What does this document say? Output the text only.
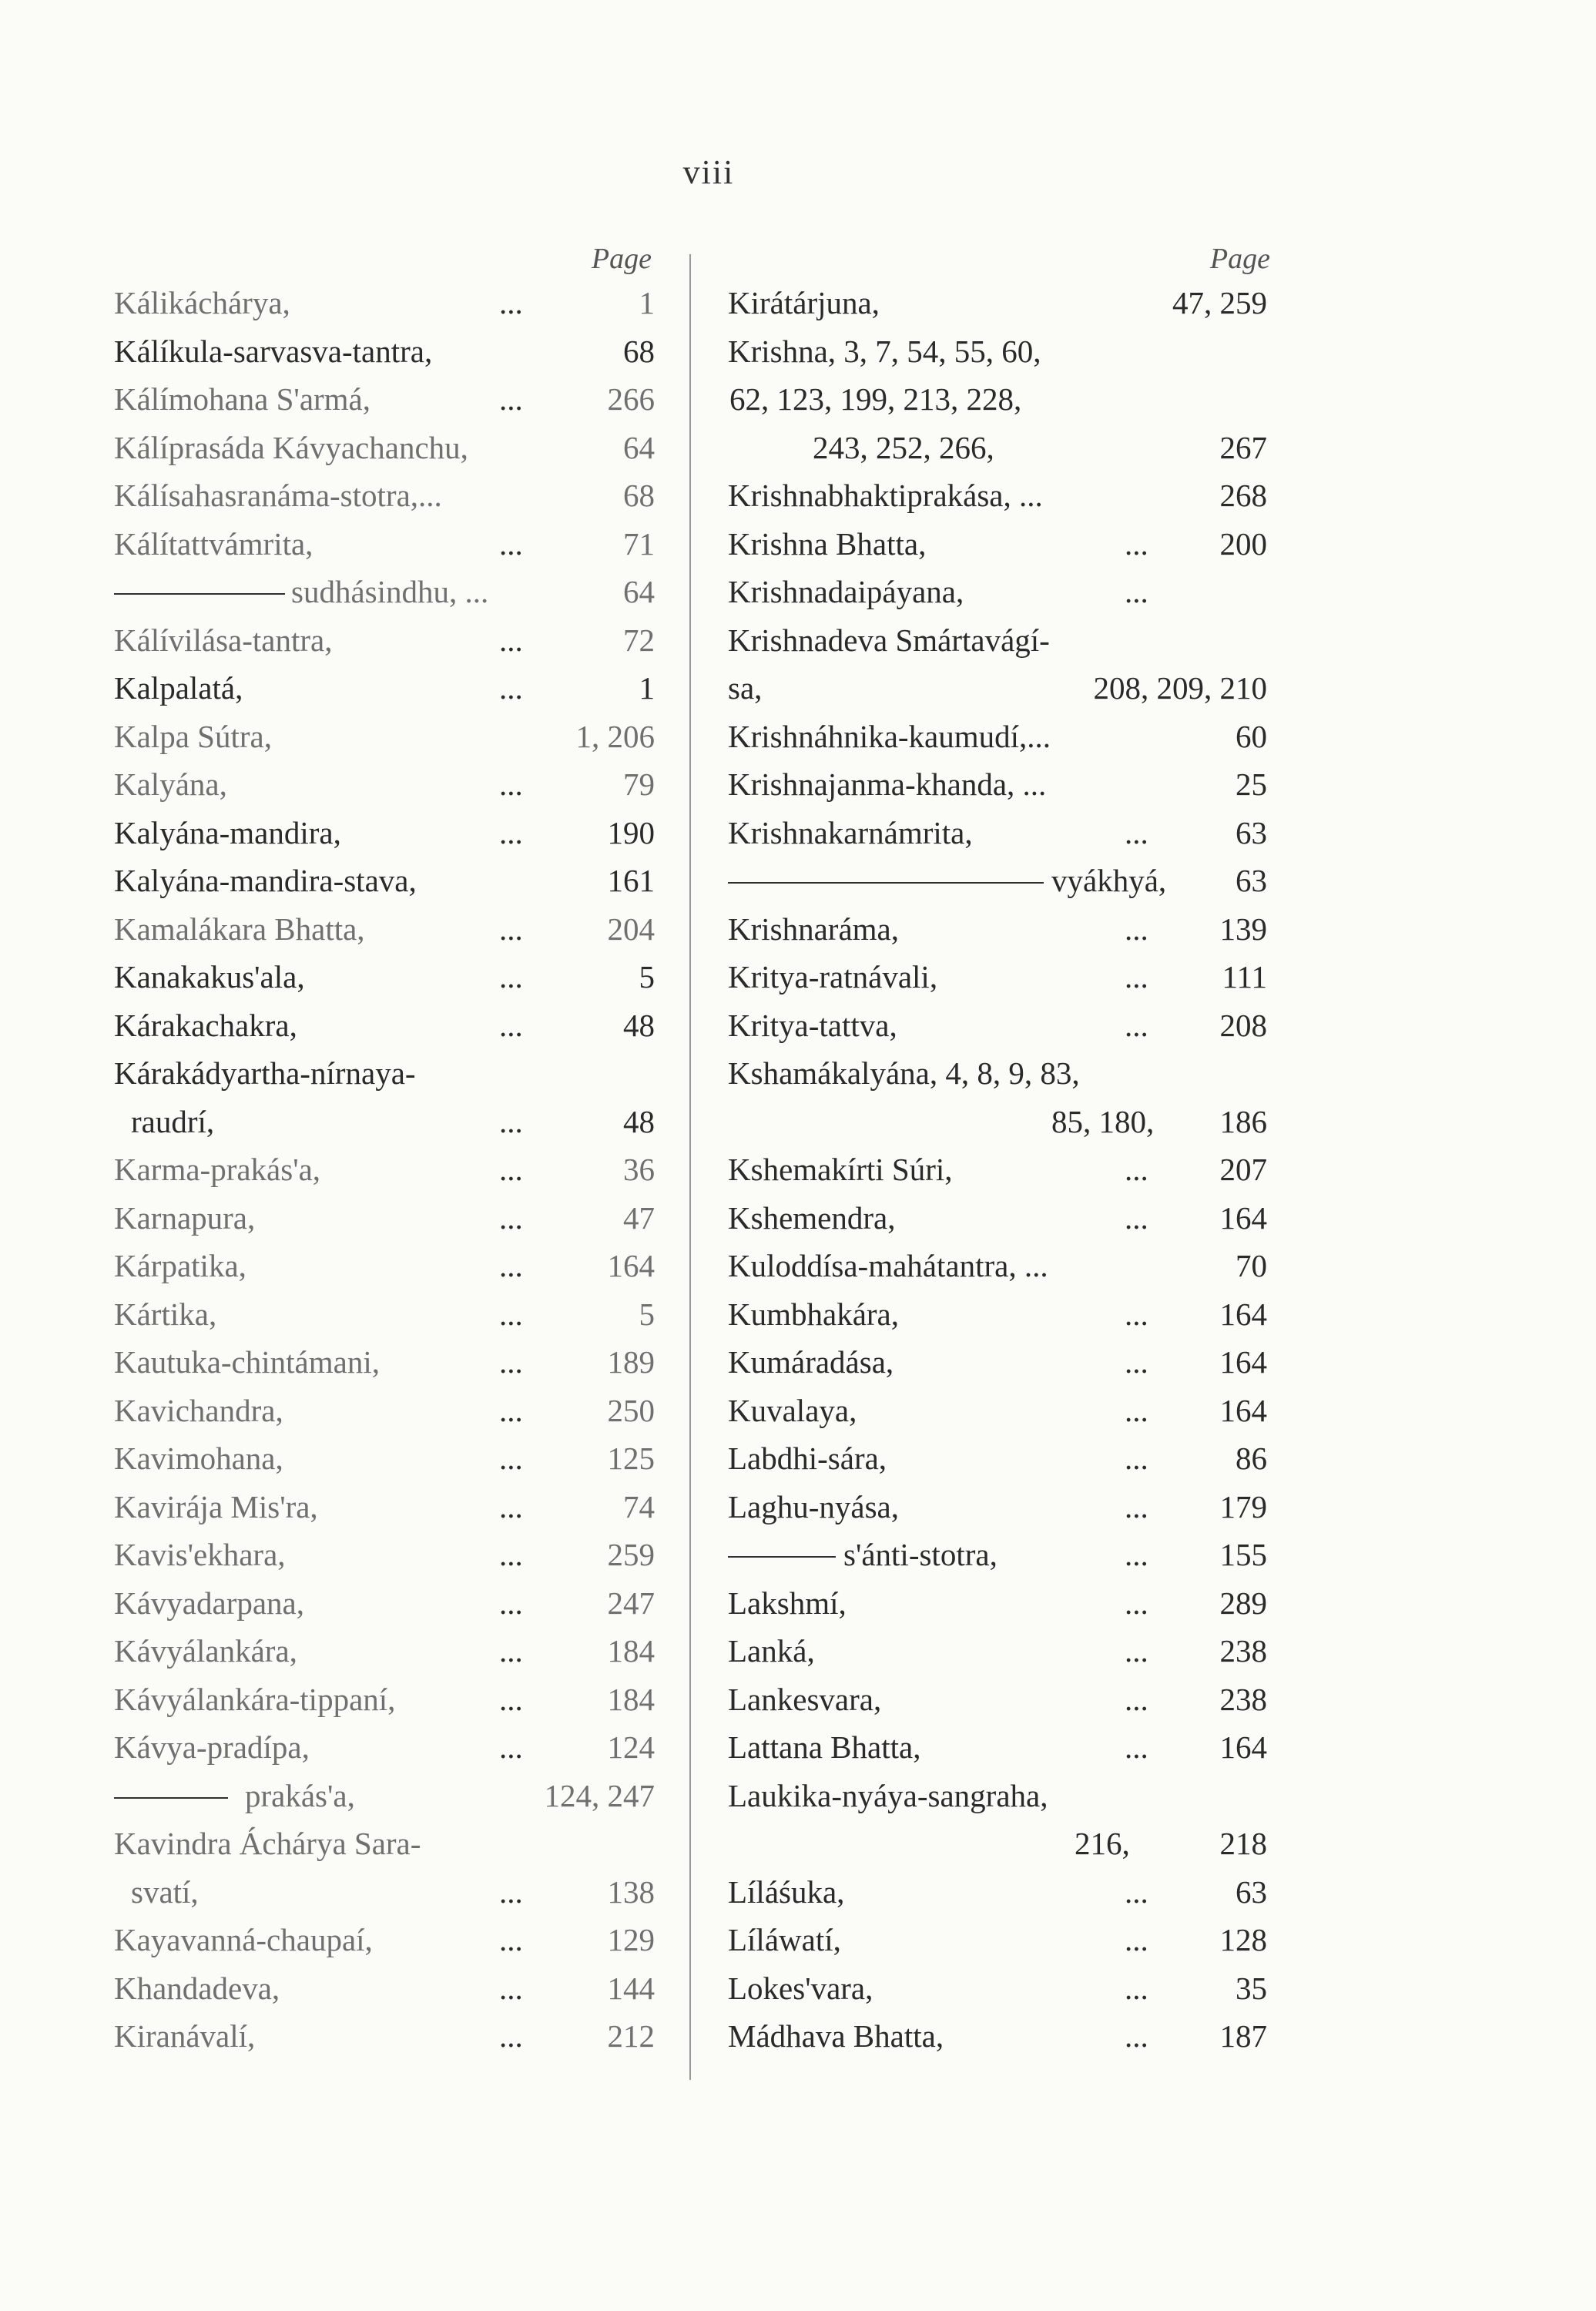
viii
Page
Kálikáchárya,	...	1
Kálíkula-sarvasva-tantra,	68
Kálímohana S'armá,	...	266
Kálíprasáda Kávyachanchu,	64
Kálísahasranáma-stotra,...	68
Kálítattvámrita,	...	71
sudhásindhu, ...	64
Kálívilása-tantra,	...	72
Kalpalatá,	...	1
Kalpa Sútra,	1, 206
Kalyána,	...	79
Kalyána-mandira,	...	190
Kalyána-mandira-stava,	161
Kamalákara Bhatta,	...	204
Kanakakus'ala,	...	5
Kárakachakra,	...	48
Kárakádyartha-nírnaya-
raudrí,	...	48
Karma-prakás'a,	...	36
Karnapura,	...	47
Kárpatika,	...	164
Kártika,	...	5
Kautuka-chintámani,	...	189
Kavichandra,	...	250
Kavimohana,	...	125
Kavirája Mis'ra,	...	74
Kavis'ekhara,	...	259
Kávyadarpana,	...	247
Kávyálankára,	...	184
Kávyálankára-tippaní,	...	184
Kávya-pradípa,	...	124
prakás'a,	124, 247
Kavindra Áchárya Sara-
svatí,	...	138
Kayavanná-chaupaí,	...	129
Khandadeva,	...	144
Kiranávalí,	...	212
Page
Kirátárjuna,	47, 259
Krishna, 3, 7, 54, 55, 60,
62, 123, 199, 213, 228,
243, 252, 266,	267
Krishnabhaktiprakása, ...	268
Krishna Bhatta,	... 200
Krishnadaipáyana,	...
Krishnadeva Smártavágí-
sa,	208, 209, 210
Krishnáhnika-kaumudí,...	60
Krishnajanma-khanda, ...	25
Krishnakarnámrita,	...	63
vyákhyá, 63
Krishnaráma,	... 139
Kritya-ratnávali,	... 111
Kritya-tattva,	... 208
Kshamákalyána, 4, 8, 9, 83,
85, 180, 186
Kshemakírti Súri,	... 207
Kshemendra,	... 164
Kuloddísa-mahátantra, ...	70
Kumbhakára,	... 164
Kumáradása,	... 164
Kuvalaya,	... 164
Labdhi-sára,	...	86
Laghu-nyása,	... 179
s'ánti-stotra,	... 155
Lakshmí,	... 289
Lanká,	... 238
Lankesvara,	... 238
Lattana Bhatta,	... 164
Laukika-nyáya-sangraha,
216,	218
Líláśuka,	...	63
Líláwatí,	... 128
Lokes'vara,	...	35
Mádhava Bhatta,	... 187
